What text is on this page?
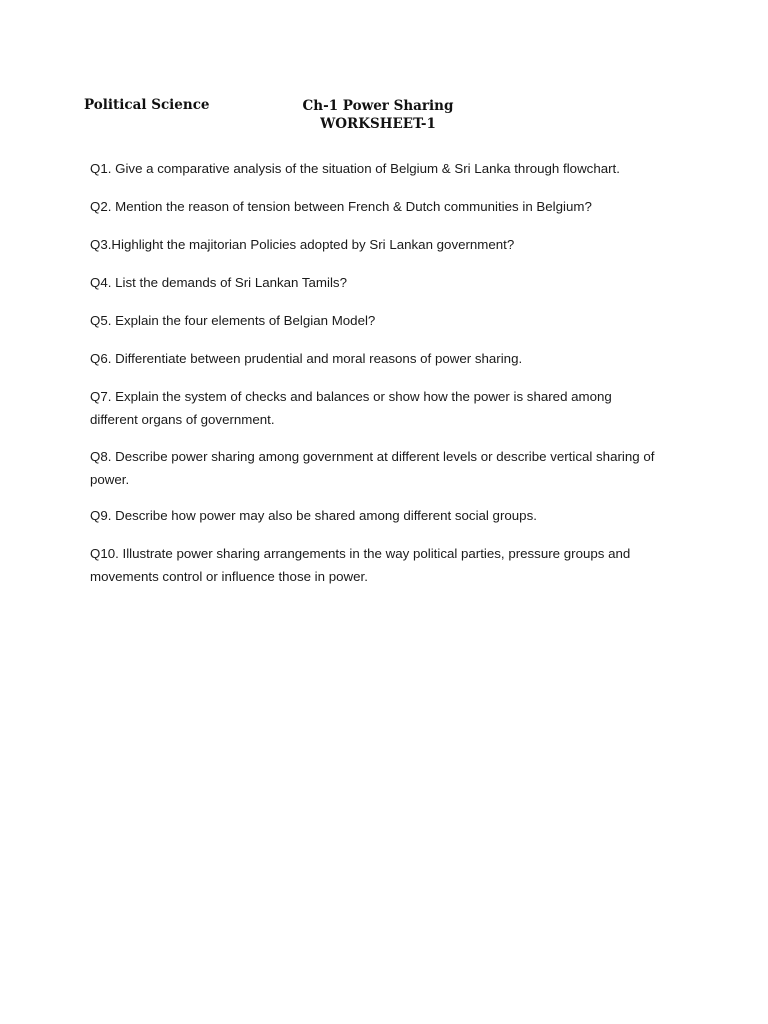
Political Science	Ch-1 Power Sharing
WORKSHEET-1
Q1. Give a comparative analysis of the situation of Belgium & Sri Lanka through flowchart.
Q2. Mention the reason of tension between French & Dutch communities in Belgium?
Q3.Highlight the majitorian Policies adopted by Sri Lankan government?
Q4. List the demands of Sri Lankan Tamils?
Q5. Explain the four elements of Belgian Model?
Q6. Differentiate between prudential and moral reasons of power sharing.
Q7. Explain the system of checks and balances or show how the power is shared among different organs of government.
Q8. Describe power sharing among government at different levels or describe vertical sharing of power.
Q9. Describe how power may also be shared among different social groups.
Q10. Illustrate power sharing arrangements in the way political parties, pressure groups and movements control or influence those in power.
